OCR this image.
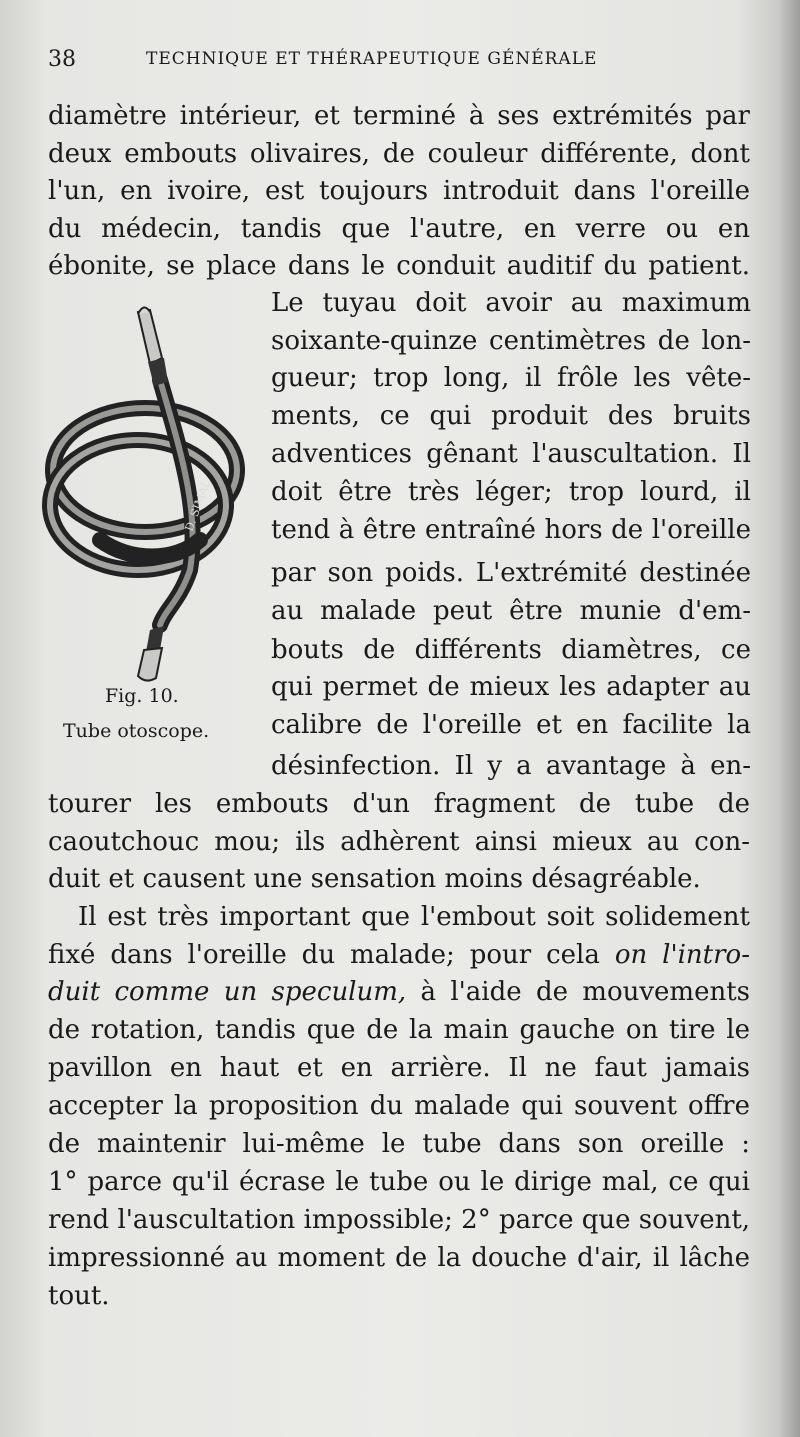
38	TECHNIQUE ET THÉRAPEUTIQUE GÉNÉRALE
diamètre intérieur, et terminé à ses extrémités par
deux embouts olivaires, de couleur différente, dont
l'un, en ivoire, est toujours introduit dans l'oreille
du médecin, tandis que l'autre, en verre ou en
ébonite, se place dans le conduit auditif du patient.
Le tuyau doit avoir au maximum
soixante-quinze centimètres de lon-
gueur; trop long, il frôle les vête-
ments, ce qui produit des bruits
adventices gênant l'auscultation. Il
doit être très léger; trop lourd, il
tend à être entraîné hors de l'oreille
par son poids. L'extrémité destinée
au malade peut être munie d'em-
bouts de différents diamètres, ce
qui permet de mieux les adapter au
calibre de l'oreille et en facilite la
désinfection. Il y a avantage à en-
tourer les embouts d'un fragment de tube de
caoutchouc mou; ils adhèrent ainsi mieux au con-
duit et causent une sensation moins désagréable.
Il est très important que l'embout soit solidement
fixé dans l'oreille du malade; pour cela on l'intro-
duit comme un speculum, à l'aide de mouvements
de rotation, tandis que de la main gauche on tire le
pavillon en haut et en arrière. Il ne faut jamais
accepter la proposition du malade qui souvent offre
de maintenir lui-même le tube dans son oreille :
1° parce qu'il écrase le tube ou le dirige mal, ce qui
rend l'auscultation impossible; 2° parce que souvent,
impressionné au moment de la douche d'air, il lâche
tout.
D. SIMAL
Fig. 10.
Tube otoscope.
